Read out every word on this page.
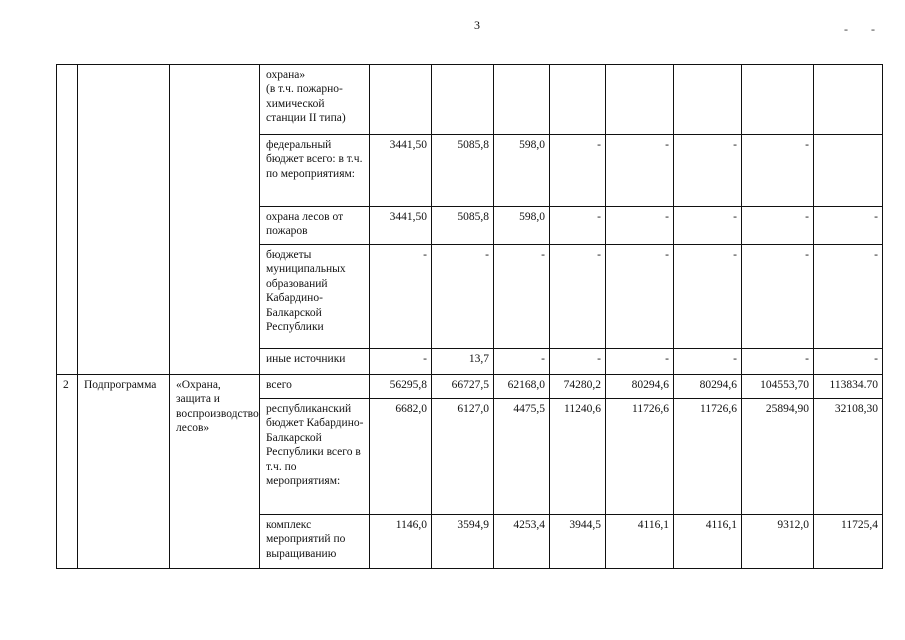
3	- -
			охрана»
(в т.ч. пожарно-химической станции II типа)								
			федеральный бюджет всего: в т.ч. по мероприятиям:	3441,50	5085,8	598,0	-	-	-	-	
			охрана лесов от пожаров	3441,50	5085,8	598,0	-	-	-	-	-
			бюджеты муниципальных образований Кабардино-Балкарской Республики	-	-	-	-	-	-	-	-
			иные источники	-	13,7	-	-	-	-	-	-
2	Подпрограмма	«Охрана, защита и воспроизводство лесов»	всего	56295,8	66727,5	62168,0	74280,2	80294,6	80294,6	104553,70	113834.70
			республиканский бюджет Кабардино-Балкарской Республики всего в т.ч. по мероприятиям:	6682,0	6127,0	4475,5	11240,6	11726,6	11726,6	25894,90	32108,30
			комплекс мероприятий по выращиванию	1146,0	3594,9	4253,4	3944,5	4116,1	4116,1	9312,0	11725,4
